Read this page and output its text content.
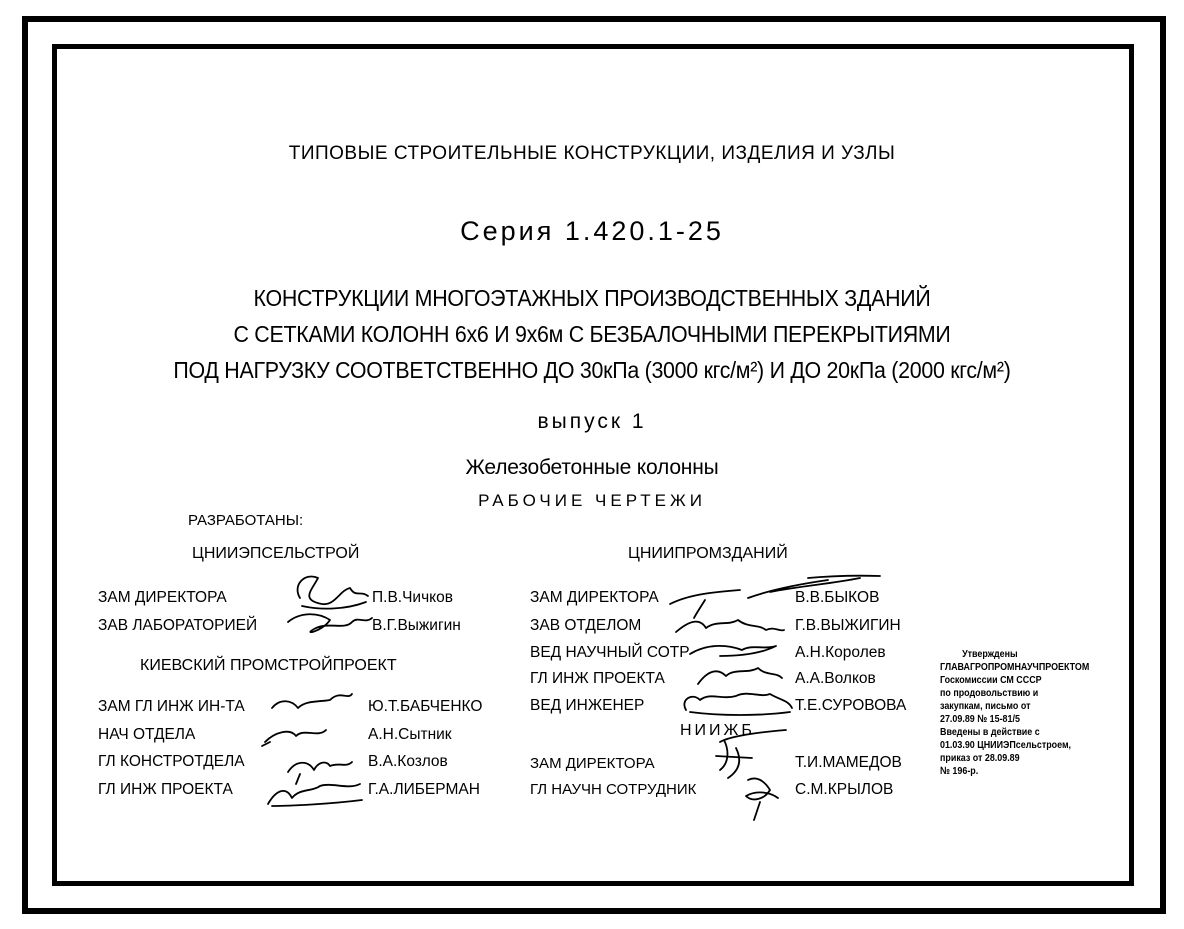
ТИПОВЫЕ СТРОИТЕЛЬНЫЕ КОНСТРУКЦИИ, ИЗДЕЛИЯ И УЗЛЫ
Серия 1.420.1-25
КОНСТРУКЦИИ МНОГОЭТАЖНЫХ ПРОИЗВОДСТВЕННЫХ ЗДАНИЙ
С СЕТКАМИ КОЛОНН 6х6 И 9х6м С БЕЗБАЛОЧНЫМИ ПЕРЕКРЫТИЯМИ
ПОД НАГРУЗКУ СООТВЕТСТВЕННО ДО 30кПа (3000 кгс/м²) И ДО 20кПа (2000 кгс/м²)
выпуск 1
Железобетонные колонны
РАБОЧИЕ ЧЕРТЕЖИ
РАЗРАБОТАНЫ:
ЦНИИЭПСЕЛЬСТРОЙ
ЗАМ ДИРЕКТОРА	П.В.Чичков
ЗАВ ЛАБОРАТОРИЕЙ	В.Г.Выжигин
КИЕВСКИЙ ПРОМСТРОЙПРОЕКТ
ЗАМ ГЛ ИНЖ ИН-ТА	Ю.Т.БАБЧЕНКО
НАЧ ОТДЕЛА	А.Н.Сытник
ГЛ КОНСТРОТДЕЛА	В.А.Козлов
ГЛ ИНЖ ПРОЕКТА	Г.А.ЛИБЕРМАН
ЦНИИПРОМЗДАНИЙ
ЗАМ ДИРЕКТОРА	В.В.БЫКОВ
ЗАВ ОТДЕЛОМ	Г.В.ВЫЖИГИН
ВЕД НАУЧНЫЙ СОТР	А.Н.Королев
ГЛ ИНЖ ПРОЕКТА	А.А.Волков
ВЕД ИНЖЕНЕР	Т.Е.СУРОВОВА
НИИЖБ
ЗАМ ДИРЕКТОРА	Т.И.МАМЕДОВ
ГЛ НАУЧН СОТРУДНИК	С.М.КРЫЛОВ
Утверждены
ГЛАВАГРОПРОМНАУЧПРОЕКТОМ
Госкомиссии СМ СССР
по продовольствию и
закупкам, письмо от
27.09.89 № 15-81/5
Введены в действие с
01.03.90 ЦНИИЭПсельстроем,
приказ от 28.09.89
№ 196-р.
